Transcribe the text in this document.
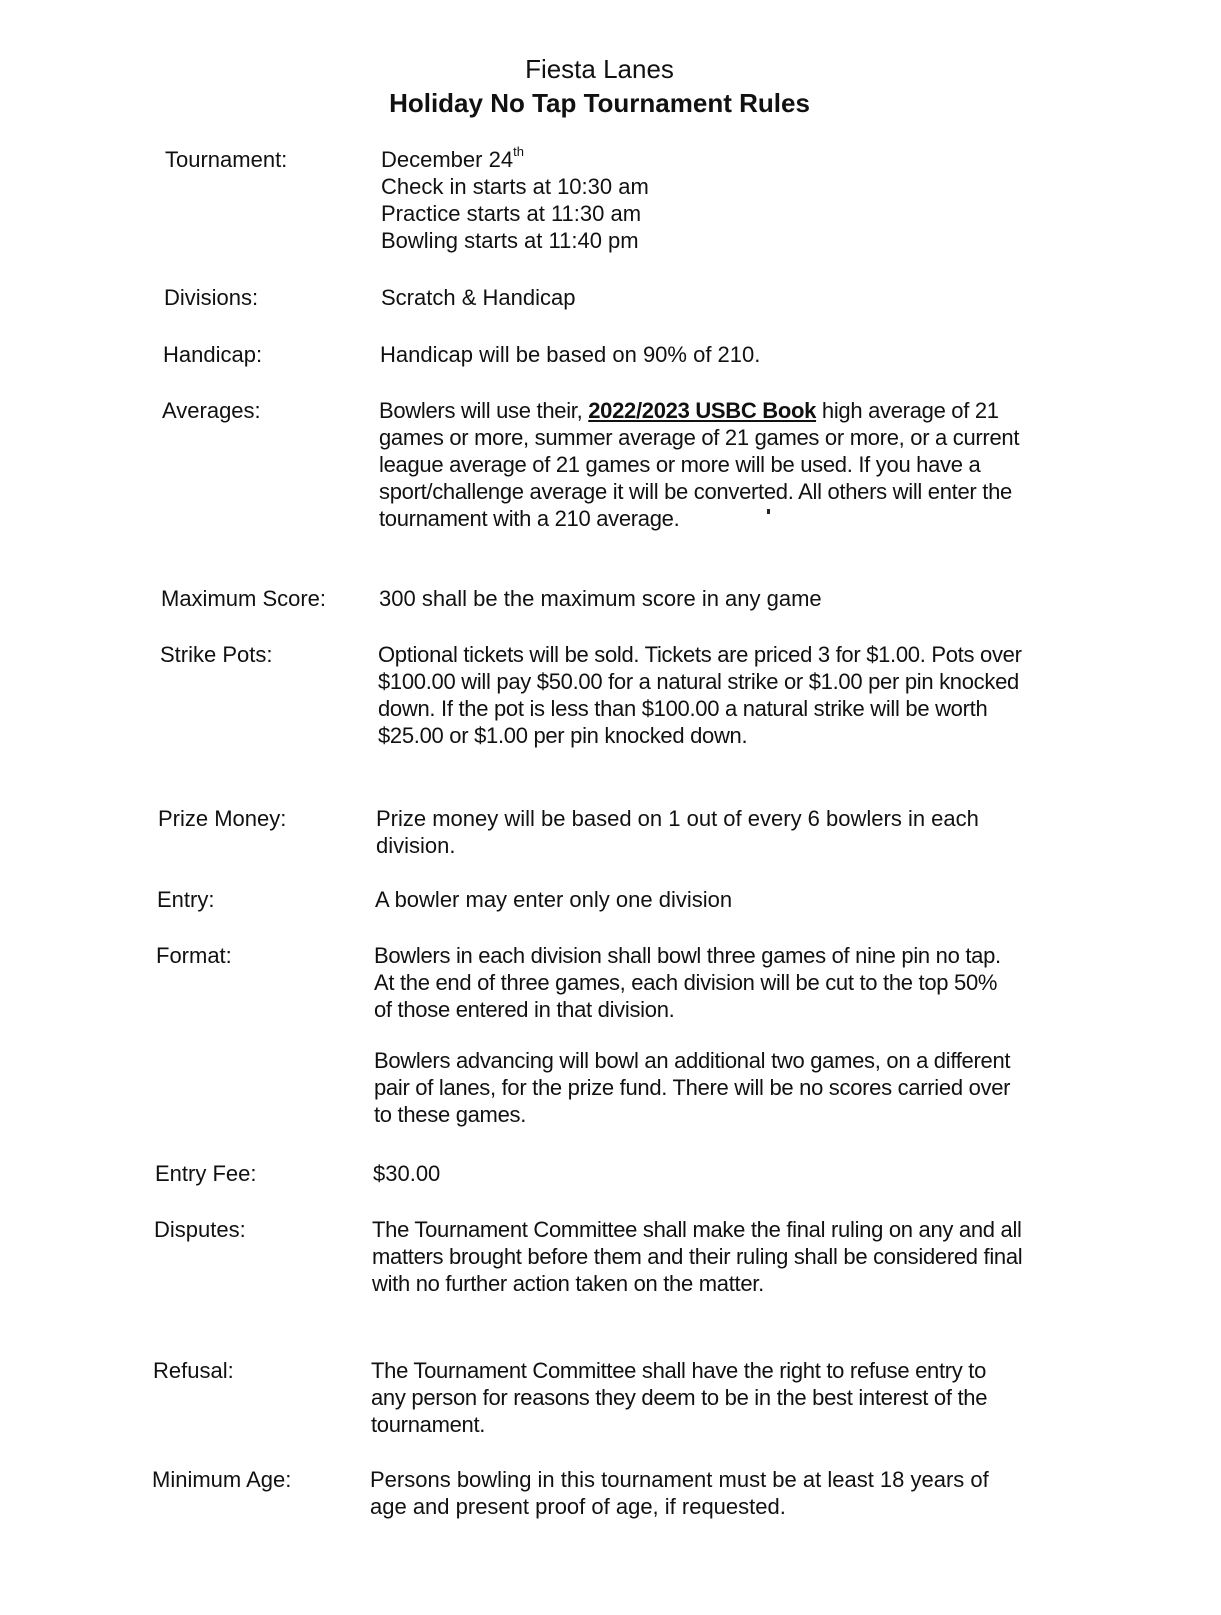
Fiesta Lanes
Holiday No Tap Tournament Rules
Tournament:	December 24th
Check in starts at 10:30 am
Practice starts at 11:30 am
Bowling starts at 11:40 pm
Divisions:	Scratch & Handicap
Handicap:	Handicap will be based on 90% of 210.
Averages:	Bowlers will use their, 2022/2023 USBC Book high average of 21 games or more, summer average of 21 games or more, or a current league average of 21 games or more will be used. If you have a sport/challenge average it will be converted. All others will enter the tournament with a 210 average.
Maximum Score: 300 shall be the maximum score in any game
Strike Pots:	Optional tickets will be sold. Tickets are priced 3 for $1.00. Pots over $100.00 will pay $50.00 for a natural strike or $1.00 per pin knocked down. If the pot is less than $100.00 a natural strike will be worth $25.00 or $1.00 per pin knocked down.
Prize Money:	Prize money will be based on 1 out of every 6 bowlers in each division.
Entry:	A bowler may enter only one division
Format:	Bowlers in each division shall bowl three games of nine pin no tap. At the end of three games, each division will be cut to the top 50% of those entered in that division.

Bowlers advancing will bowl an additional two games, on a different pair of lanes, for the prize fund. There will be no scores carried over to these games.

Entry Fee:	$30.00
Disputes:	The Tournament Committee shall make the final ruling on any and all matters brought before them and their ruling shall be considered final with no further action taken on the matter.
Refusal:	The Tournament Committee shall have the right to refuse entry to any person for reasons they deem to be in the best interest of the tournament.
Minimum Age:	Persons bowling in this tournament must be at least 18 years of age and present proof of age, if requested.
